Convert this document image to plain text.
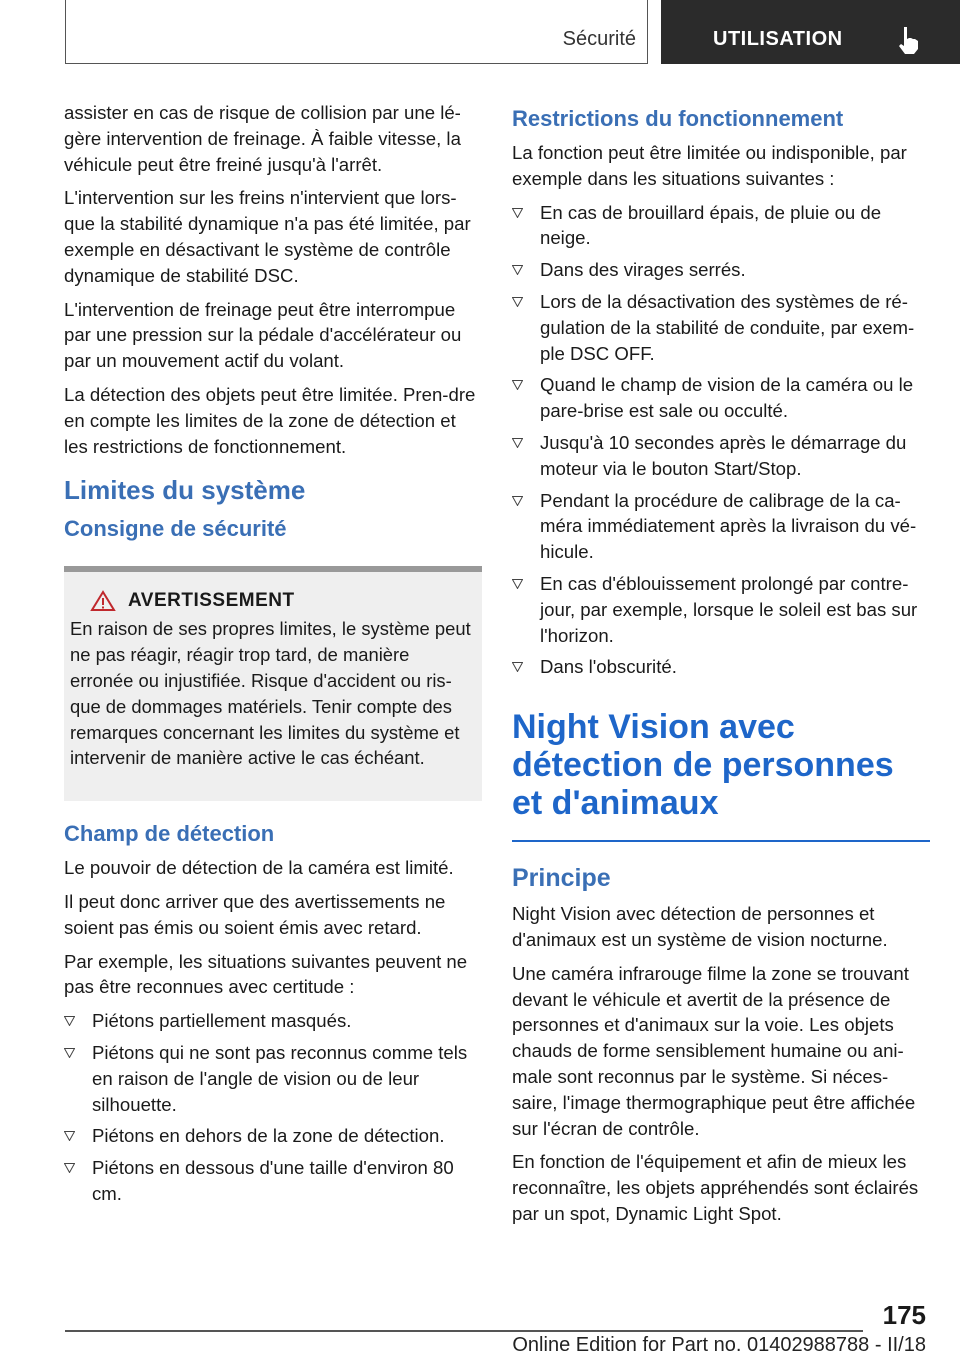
Sécurité	UTILISATION

assister en cas de risque de collision par une lé-gère intervention de freinage. À faible vitesse, la véhicule peut être freiné jusqu'à l'arrêt.

L'intervention sur les freins n'intervient que lors-que la stabilité dynamique n'a pas été limitée, par exemple en désactivant le système de contrôle dynamique de stabilité DSC.

L'intervention de freinage peut être interrompue par une pression sur la pédale d'accélérateur ou par un mouvement actif du volant.

La détection des objets peut être limitée. Pren-dre en compte les limites de la zone de détection et les restrictions de fonctionnement.

Limites du système
Consigne de sécurité
AVERTISSEMENT

En raison de ses propres limites, le système peut ne pas réagir, réagir trop tard, de manière erronée ou injustifiée. Risque d'accident ou ris-que de dommages matériels. Tenir compte des remarques concernant les limites du système et intervenir de manière active le cas échéant.

Champ de détection

Le pouvoir de détection de la caméra est limité.

Il peut donc arriver que des avertissements ne soient pas émis ou soient émis avec retard.

Par exemple, les situations suivantes peuvent ne pas être reconnues avec certitude :

Piétons partiellement masqués.
Piétons qui ne sont pas reconnus comme tels en raison de l'angle de vision ou de leur silhouette.
Piétons en dehors de la zone de détection.
Piétons en dessous d'une taille d'environ 80 cm.
Restrictions du fonctionnement

La fonction peut être limitée ou indisponible, par exemple dans les situations suivantes :

En cas de brouillard épais, de pluie ou de neige.
Dans des virages serrés.
Lors de la désactivation des systèmes de ré-gulation de la stabilité de conduite, par exem-ple DSC OFF.
Quand le champ de vision de la caméra ou le pare-brise est sale ou occulté.
Jusqu'à 10 secondes après le démarrage du moteur via le bouton Start/Stop.
Pendant la procédure de calibrage de la ca-méra immédiatement après la livraison du vé-hicule.
En cas d'éblouissement prolongé par contre-jour, par exemple, lorsque le soleil est bas sur l'horizon.
Dans l'obscurité.
Night Vision avec détection de personnes et d'animaux
Principe

Night Vision avec détection de personnes et d'animaux est un système de vision nocturne.

Une caméra infrarouge filme la zone se trouvant devant le véhicule et avertit de la présence de personnes et d'animaux sur la voie. Les objets chauds de forme sensiblement humaine ou ani-male sont reconnus par le système. Si néces-saire, l'image thermographique peut être affichée sur l'écran de contrôle.

En fonction de l'équipement et afin de mieux les reconnaître, les objets appréhendés sont éclairés par un spot, Dynamic Light Spot.

175
Online Edition for Part no. 01402988788 - II/18
